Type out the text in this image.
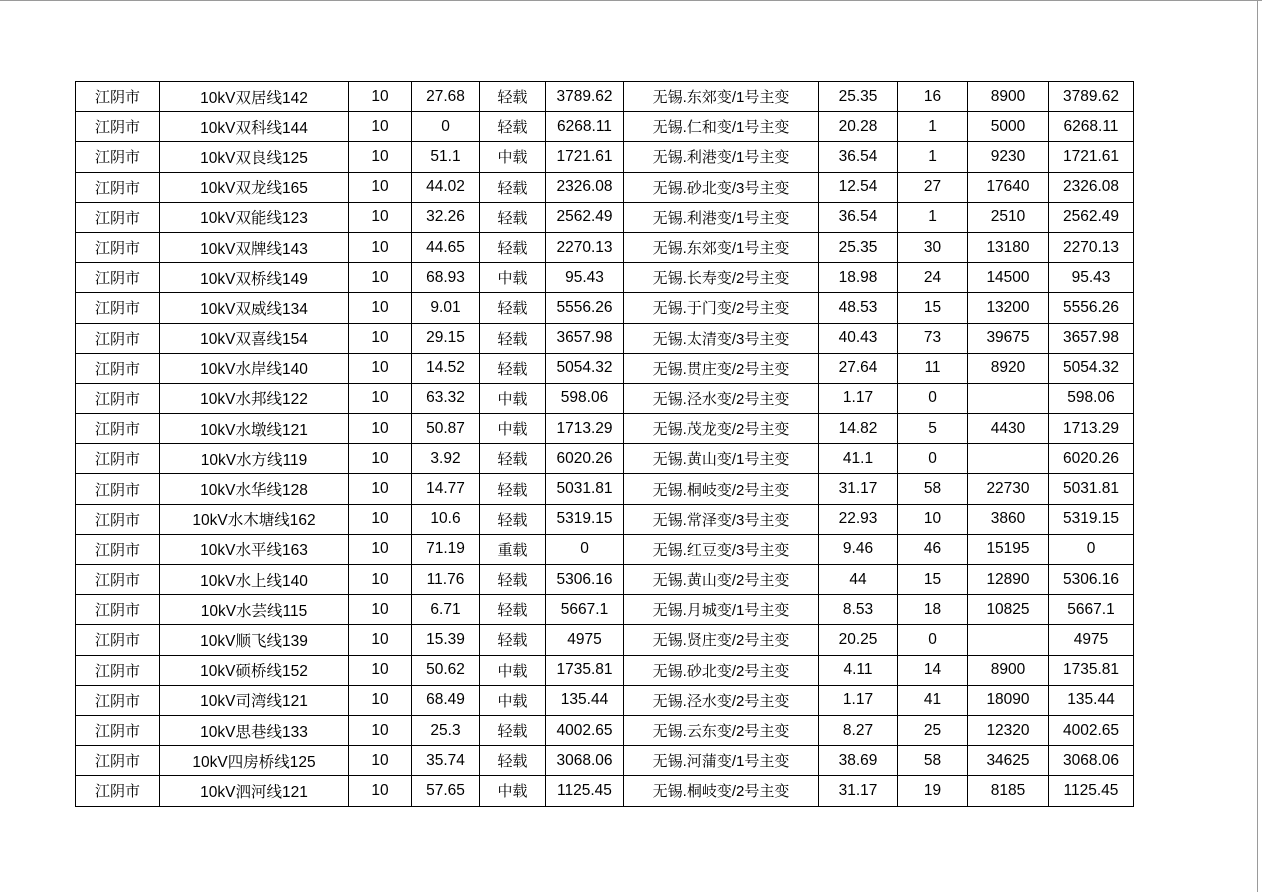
江阴市	10kV双居线142	10	27.68	轻载	3789.62	无锡.东郊变/1号主变	25.35	16	8900	3789.62
江阴市	10kV双科线144	10	0	轻载	6268.11	无锡.仁和变/1号主变	20.28	1	5000	6268.11
江阴市	10kV双良线125	10	51.1	中载	1721.61	无锡.利港变/1号主变	36.54	1	9230	1721.61
江阴市	10kV双龙线165	10	44.02	轻载	2326.08	无锡.砂北变/3号主变	12.54	27	17640	2326.08
江阴市	10kV双能线123	10	32.26	轻载	2562.49	无锡.利港变/1号主变	36.54	1	2510	2562.49
江阴市	10kV双牌线143	10	44.65	轻载	2270.13	无锡.东郊变/1号主变	25.35	30	13180	2270.13
江阴市	10kV双桥线149	10	68.93	中载	95.43	无锡.长寿变/2号主变	18.98	24	14500	95.43
江阴市	10kV双威线134	10	9.01	轻载	5556.26	无锡.于门变/2号主变	48.53	15	13200	5556.26
江阴市	10kV双喜线154	10	29.15	轻载	3657.98	无锡.太清变/3号主变	40.43	73	39675	3657.98
江阴市	10kV水岸线140	10	14.52	轻载	5054.32	无锡.贯庄变/2号主变	27.64	11	8920	5054.32
江阴市	10kV水邦线122	10	63.32	中载	598.06	无锡.泾水变/2号主变	1.17	0		598.06
江阴市	10kV水墩线121	10	50.87	中载	1713.29	无锡.茂龙变/2号主变	14.82	5	4430	1713.29
江阴市	10kV水方线119	10	3.92	轻载	6020.26	无锡.黄山变/1号主变	41.1	0		6020.26
江阴市	10kV水华线128	10	14.77	轻载	5031.81	无锡.桐岐变/2号主变	31.17	58	22730	5031.81
江阴市	10kV水木塘线162	10	10.6	轻载	5319.15	无锡.常泽变/3号主变	22.93	10	3860	5319.15
江阴市	10kV水平线163	10	71.19	重载	0	无锡.红豆变/3号主变	9.46	46	15195	0
江阴市	10kV水上线140	10	11.76	轻载	5306.16	无锡.黄山变/2号主变	44	15	12890	5306.16
江阴市	10kV水芸线115	10	6.71	轻载	5667.1	无锡.月城变/1号主变	8.53	18	10825	5667.1
江阴市	10kV顺飞线139	10	15.39	轻载	4975	无锡.贤庄变/2号主变	20.25	0		4975
江阴市	10kV硕桥线152	10	50.62	中载	1735.81	无锡.砂北变/2号主变	4.11	14	8900	1735.81
江阴市	10kV司湾线121	10	68.49	中载	135.44	无锡.泾水变/2号主变	1.17	41	18090	135.44
江阴市	10kV思巷线133	10	25.3	轻载	4002.65	无锡.云东变/2号主变	8.27	25	12320	4002.65
江阴市	10kV四房桥线125	10	35.74	轻载	3068.06	无锡.河蒲变/1号主变	38.69	58	34625	3068.06
江阴市	10kV泗河线121	10	57.65	中载	1125.45	无锡.桐岐变/2号主变	31.17	19	8185	1125.45
